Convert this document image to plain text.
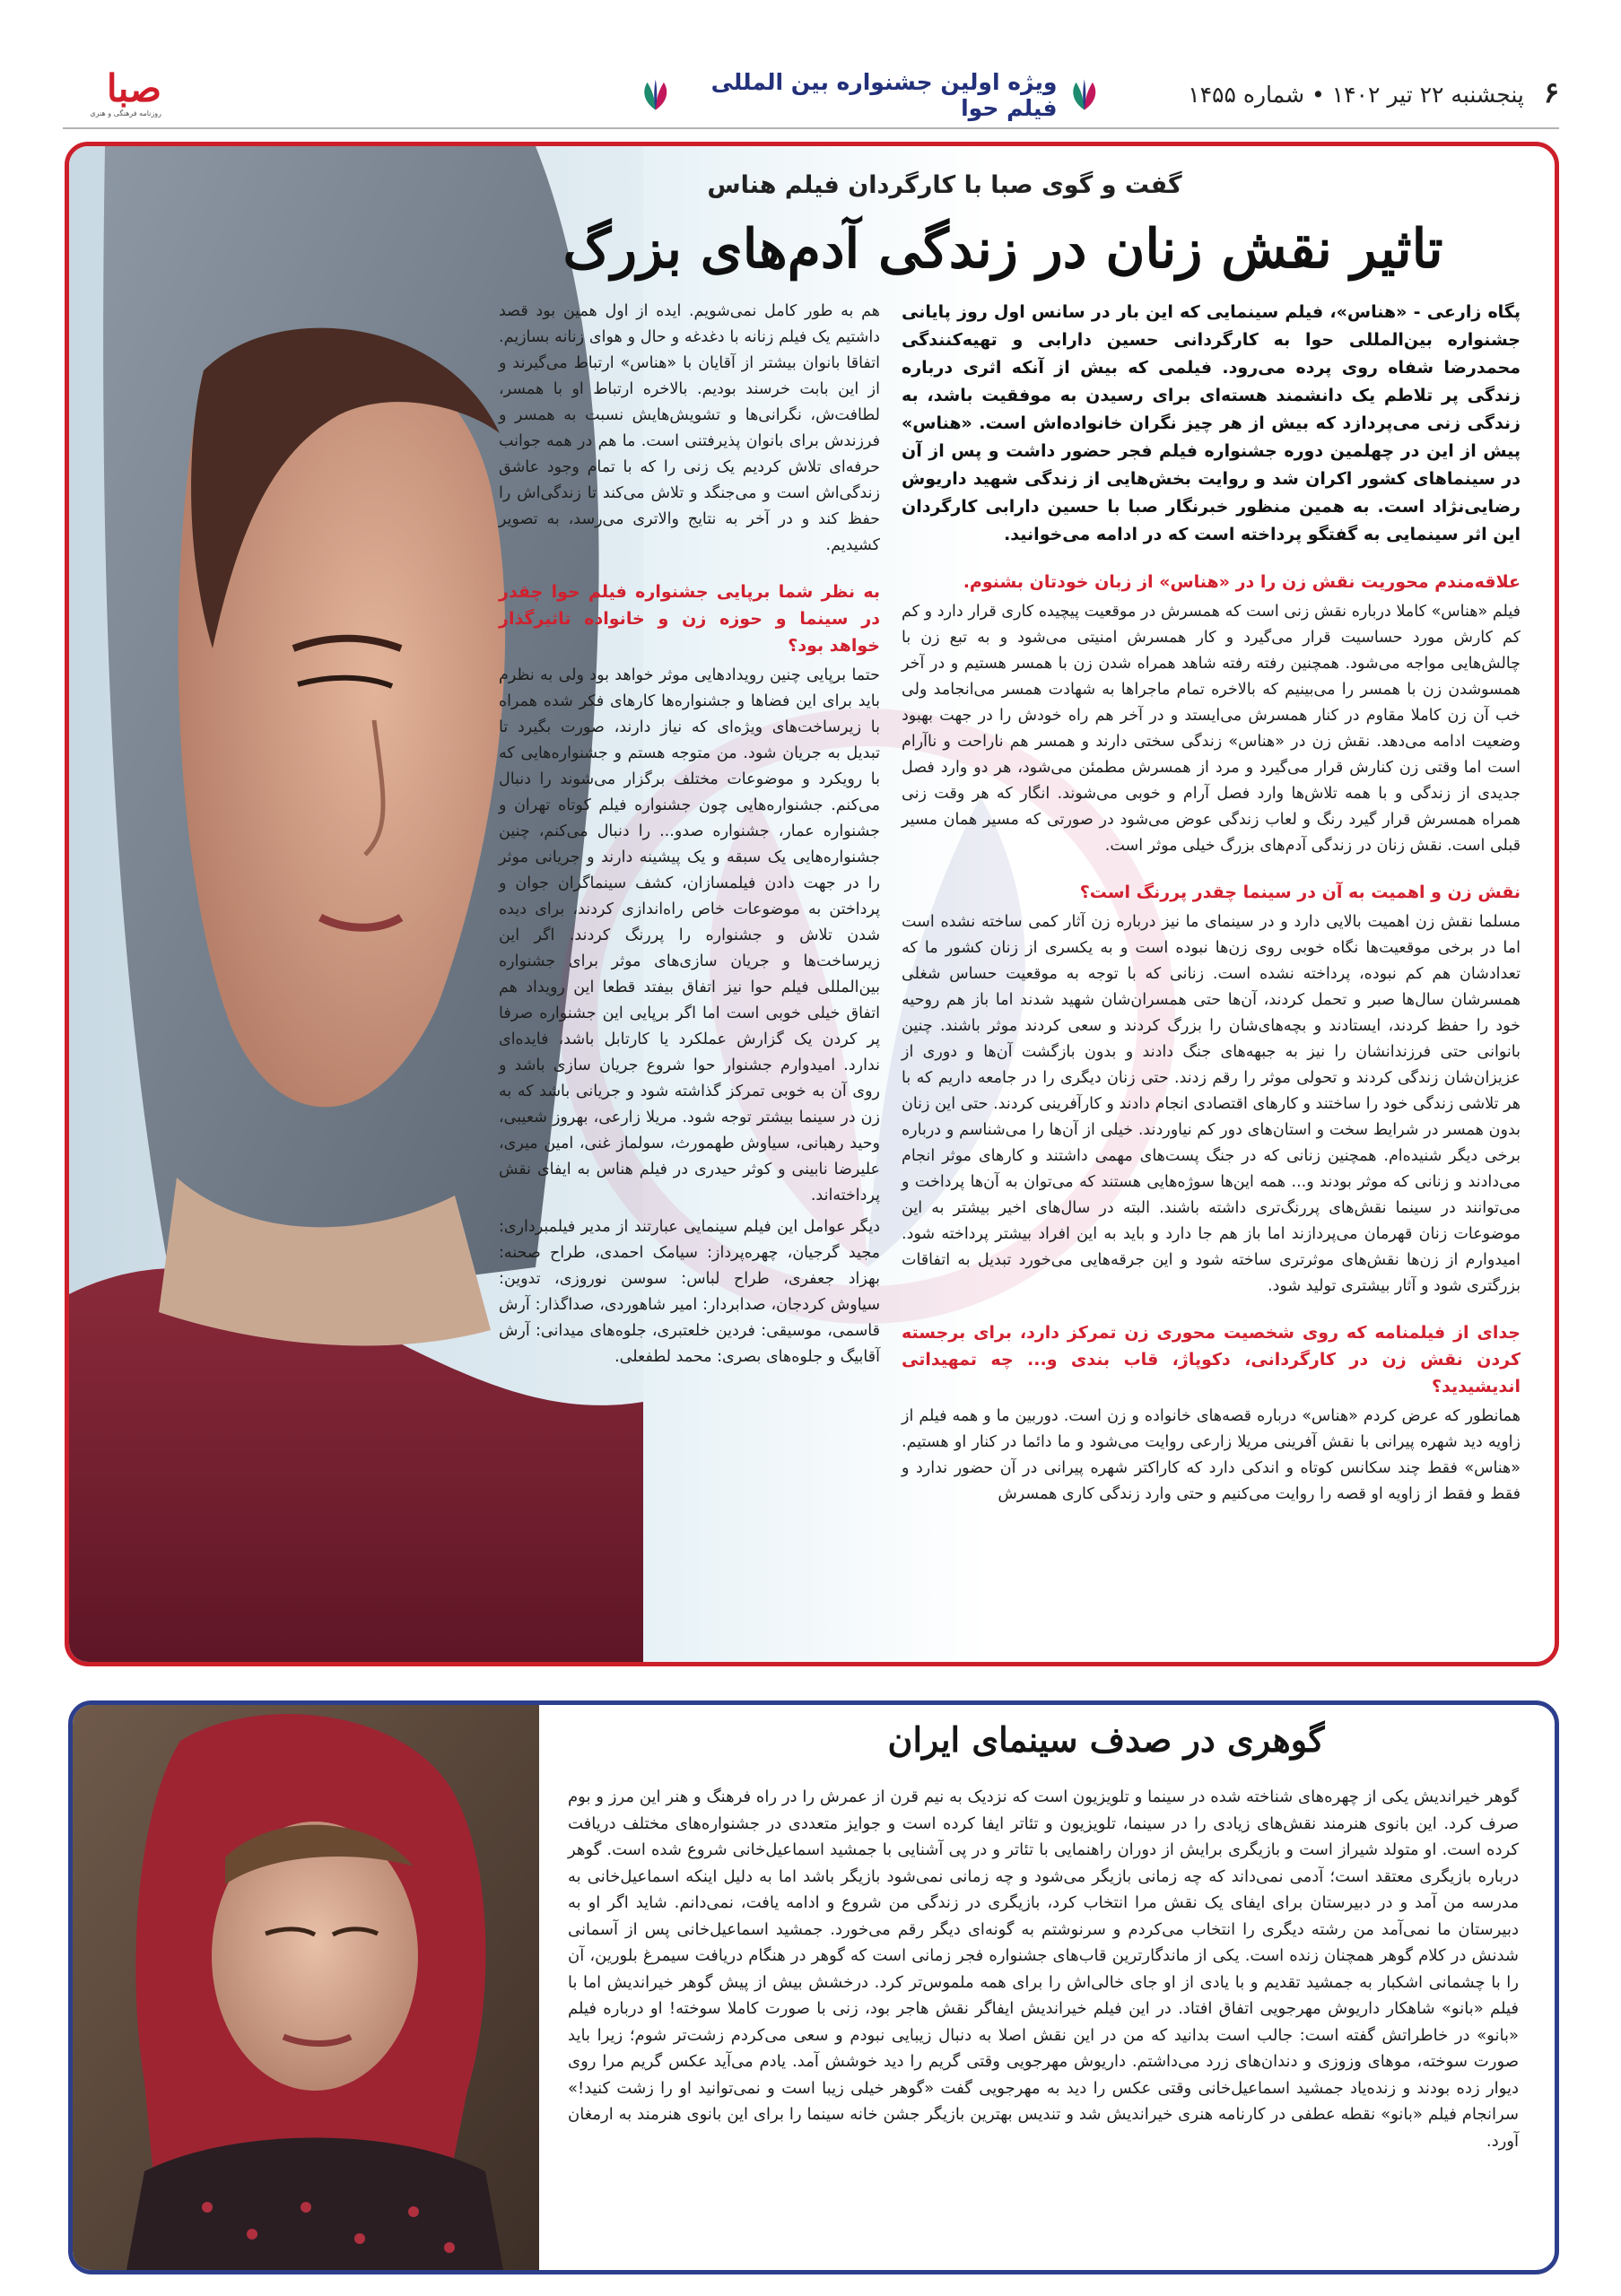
۶ پنجشنبه ۲۲ تیر ۱۴۰۲ • شماره ۱۴۵۵
ویژه اولین جشنواره بین المللی فیلم حوا
صبا
روزنامه فرهنگی و هنری
گفت و گوی صبا با کارگردان فیلم هناس
تاثیر نقش زنان در زندگی آدم‌های بزرگ

پگاه زارعی - «هناس»، فیلم سینمایی که این بار در سانس اول روز پایانی جشنواره بین‌المللی حوا به کارگردانی حسین دارابی و تهیه‌کنندگی محمدرضا شفاه روی پرده می‌رود. فیلمی که بیش از آنکه اثری درباره زندگی پر تلاطم یک دانشمند هسته‌ای برای رسیدن به موفقیت باشد، به زندگی زنی می‌پردازد که بیش از هر چیز نگران خانواده‌اش است. «هناس» پیش از این در چهلمین دوره جشنواره فیلم فجر حضور داشت و پس از آن در سینماهای کشور اکران شد و روایت بخش‌هایی از زندگی شهید داریوش رضایی‌نژاد است. به همین منظور خبرنگار صبا با حسین دارابی کارگردان این اثر سینمایی به گفتگو پرداخته است که در ادامه می‌خوانید.

علاقه‌مندم محوریت نقش زن را در «هناس» از زبان خودتان بشنوم.

فیلم «هناس» کاملا درباره نقش زنی است که همسرش در موقعیت پیچیده کاری قرار دارد و کم کم کارش مورد حساسیت قرار می‌گیرد و کار همسرش امنیتی می‌شود و به تبع زن با چالش‌هایی مواجه می‌شود. همچنین رفته رفته شاهد همراه شدن زن با همسر هستیم و در آخر همسوشدن زن با همسر را می‌بینیم که بالاخره تمام ماجراها به شهادت همسر می‌انجامد ولی خب آن زن کاملا مقاوم در کنار همسرش می‌ایستد و در آخر هم راه خودش را در جهت بهبود وضعیت ادامه می‌دهد. نقش زن در «هناس» زندگی سختی دارند و همسر هم ناراحت و ناآرام است اما وقتی زن کنارش قرار می‌گیرد و مرد از همسرش مطمئن می‌شود، هر دو وارد فصل جدیدی از زندگی و با همه تلاش‌ها وارد فصل آرام و خوبی می‌شوند. انگار که هر وقت زنی همراه همسرش قرار گیرد رنگ و لعاب زندگی عوض می‌شود در صورتی که مسیر همان مسیر قبلی است. نقش زنان در زندگی آدم‌های بزرگ خیلی موثر است.

نقش زن و اهمیت به آن در سینما چقدر پررنگ است؟

مسلما نقش زن اهمیت بالایی دارد و در سینمای ما نیز درباره زن آثار کمی ساخته نشده است اما در برخی موقعیت‌ها نگاه خوبی روی زن‌ها نبوده است و به یکسری از زنان کشور ما که تعدادشان هم کم نبوده، پرداخته نشده است. زنانی که با توجه به موقعیت حساس شغلی همسرشان سال‌ها صبر و تحمل کردند، آن‌ها حتی همسران‌شان شهید شدند اما باز هم روحیه خود را حفظ کردند، ایستادند و بچه‌های‌شان را بزرگ کردند و سعی کردند موثر باشند. چنین بانوانی حتی فرزندانشان را نیز به جبهه‌های جنگ دادند و بدون بازگشت آن‌ها و دوری از عزیزان‌شان زندگی کردند و تحولی موثر را رقم زدند. حتی زنان دیگری را در جامعه داریم که با هر تلاشی زندگی خود را ساختند و کارهای اقتصادی انجام دادند و کارآفرینی کردند. حتی این زنان بدون همسر در شرایط سخت و استان‌های دور کم نیاوردند. خیلی از آن‌ها را می‌شناسم و درباره برخی دیگر شنیده‌ام. همچنین زنانی که در جنگ پست‌های مهمی داشتند و کارهای موثر انجام می‌دادند و زنانی که موثر بودند و... همه این‌ها سوژه‌هایی هستند که می‌توان به آن‌ها پرداخت و می‌توانند در سینما نقش‌های پررنگ‌تری داشته باشند. البته در سال‌های اخیر بیشتر به این موضوعات زنان قهرمان می‌پردازند اما باز هم جا دارد و باید به این افراد بیشتر پرداخته شود. امیدوارم از زن‌ها نقش‌های موثرتری ساخته شود و این جرقه‌هایی می‌خورد تبدیل به اتفاقات بزرگتری شود و آثار بیشتری تولید شود.

جدای از فیلمنامه که روی شخصیت محوری زن تمرکز دارد، برای برجسته کردن نقش زن در کارگردانی، دکوپاژ، قاب بندی و... چه تمهیداتی اندیشیدید؟

همانطور که عرض کردم «هناس» درباره قصه‌های خانواده و زن است. دوربین ما و همه فیلم از زاویه دید شهره پیرانی با نقش آفرینی مریلا زارعی روایت می‌شود و ما دائما در کنار او هستیم. «هناس» فقط چند سکانس کوتاه و اندکی دارد که کاراکتر شهره پیرانی در آن حضور ندارد و فقط و فقط از زاویه او قصه را روایت می‌کنیم و حتی وارد زندگی کاری همسرش

هم به طور کامل نمی‌شویم. ایده از اول همین بود قصد داشتیم یک فیلم زنانه با دغدغه و حال و هوای زنانه بسازیم. اتفاقا بانوان بیشتر از آقایان با «هناس» ارتباط می‌گیرند و از این بابت خرسند بودیم. بالاخره ارتباط او با همسر، لطافت‌ش، نگرانی‌ها و تشویش‌هایش نسبت به همسر و فرزندش برای بانوان پذیرفتنی است. ما هم در همه جوانب حرفه‌ای تلاش کردیم یک زنی را که با تمام وجود عاشق زندگی‌اش است و می‌جنگد و تلاش می‌کند تا زندگی‌اش را حفظ کند و در آخر به نتایج والاتری می‌رسد، به تصویر کشیدیم.

به نظر شما برپایی جشنواره فیلم حوا چقدر در سینما و حوزه زن و خانواده تاثیرگذار خواهد بود؟

حتما برپایی چنین رویدادهایی موثر خواهد بود ولی به نظرم باید برای این فضاها و جشنواره‌ها کارهای فکر شده همراه با زیرساخت‌های ویژه‌ای که نیاز دارند، صورت بگیرد تا تبدیل به جریان شود. من متوجه هستم و جشنواره‌هایی که با رویکرد و موضوعات مختلف برگزار می‌شوند را دنبال می‌کنم. جشنواره‌هایی چون جشنواره فیلم کوتاه تهران و جشنواره عمار، جشنواره صدو... را دنبال می‌کنم، چنین جشنواره‌هایی یک سبقه و یک پیشینه دارند و جریانی موثر را در جهت دادن فیلمسازان، کشف سینماگران جوان و پرداختن به موضوعات خاص راه‌اندازی کردند، برای دیده شدن تلاش و جشنواره را پررنگ کردند. اگر این زیرساخت‌ها و جریان سازی‌های موثر برای جشنواره بین‌المللی فیلم حوا نیز اتفاق بیفتد قطعا این رویداد هم اتفاق خیلی خوبی است اما اگر برپایی این جشنواره صرفا پر کردن یک گزارش عملکرد یا کارتابل باشد، فایده‌ای ندارد. امیدوارم جشنوار حوا شروع جریان سازی باشد و روی آن به خوبی تمرکز گذاشته شود و جریانی باشد که به زن در سینما بیشتر توجه شود. مریلا زارعی، بهروز شعیبی، وحید رهبانی، سیاوش طهمورث، سولماز غنی، امین میری، علیرضا نابینی و کوثر حیدری در فیلم هناس به ایفای نقش پرداخته‌اند.

دیگر عوامل این فیلم سینمایی عبارتند از مدیر فیلمبرداری: مجید گرجیان، چهره‌پرداز: سیامک احمدی، طراح صحنه: بهزاد جعفری، طراح لباس: سوسن نوروزی، تدوین: سیاوش کردجان، صدابردار: امیر شاهوردی، صداگذار: آرش قاسمی، موسیقی: فردین خلعتبری، جلوه‌های میدانی: آرش آقابیگ و جلوه‌های بصری: محمد لطفعلی.

گوهری در صدف سینمای ایران

گوهر خیراندیش یکی از چهره‌های شناخته شده در سینما و تلویزیون است که نزدیک به نیم قرن از عمرش را در راه فرهنگ و هنر این مرز و بوم صرف کرد. این بانوی هنرمند نقش‌های زیادی را در سینما، تلویزیون و تئاتر ایفا کرده است و جوایز متعددی در جشنواره‌های مختلف دریافت کرده است. او متولد شیراز است و بازیگری برایش از دوران راهنمایی با تئاتر و در پی آشنایی با جمشید اسماعیل‌خانی شروع شده است. گوهر درباره بازیگری معتقد است؛ آدمی نمی‌داند که چه زمانی بازیگر می‌شود و چه زمانی نمی‌شود بازیگر باشد اما به دلیل اینکه اسماعیل‌خانی به مدرسه من آمد و در دبیرستان برای ایفای یک نقش مرا انتخاب کرد، بازیگری در زندگی من شروع و ادامه یافت، نمی‌دانم. شاید اگر او به دبیرستان ما نمی‌آمد من رشته دیگری را انتخاب می‌کردم و سرنوشتم به گونه‌ای دیگر رقم می‌خورد. جمشید اسماعیل‌خانی پس از آسمانی شدنش در کلام گوهر همچنان زنده است. یکی از ماندگارترین قاب‌های جشنواره فجر زمانی است که گوهر در هنگام دریافت سیمرغ بلورین، آن را با چشمانی اشکبار به جمشید تقدیم و با یادی از او جای خالی‌اش را برای همه ملموس‌تر کرد. درخشش بیش از پیش گوهر خیراندیش اما با فیلم «بانو» شاهکار داریوش مهرجویی اتفاق افتاد. در این فیلم خیراندیش ایفاگر نقش هاجر بود، زنی با صورت کاملا سوخته! او درباره فیلم «بانو» در خاطراتش گفته است: جالب است بدانید که من در این نقش اصلا به دنبال زیبایی نبودم و سعی می‌کردم زشت‌تر شوم؛ زیرا باید صورت سوخته، موهای وزوزی و دندان‌های زرد می‌داشتم. داریوش مهرجویی وقتی گریم را دید خوشش آمد. یادم می‌آید عکس گریم مرا روی دیوار زده بودند و زنده‌یاد جمشید اسماعیل‌خانی وقتی عکس را دید به مهرجویی گفت «گوهر خیلی زیبا است و نمی‌توانید او را زشت کنید!» سرانجام فیلم «بانو» نقطه عطفی در کارنامه هنری خیراندیش شد و تندیس بهترین بازیگر جشن خانه سینما را برای این بانوی هنرمند به ارمغان آورد.
